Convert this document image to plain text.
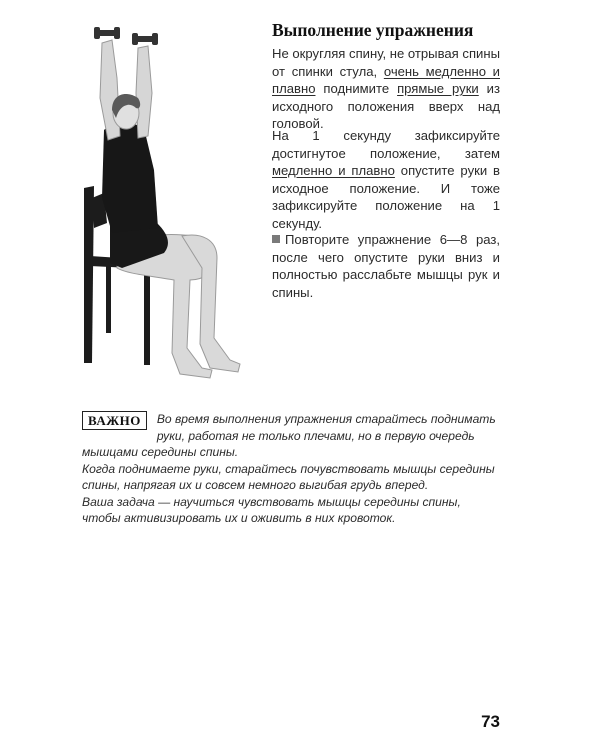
Выполнение упражнения

Не округляя спину, не отрывая спины от спинки стула, очень медленно и плавно поднимите прямые руки из исходного положения вверх над головой.

На 1 секунду зафиксируйте достигнутое положение, затем медленно и плавно опустите руки в исходное положение. И тоже зафиксируйте положение на 1 секунду.

Повторите упражнение 6—8 раз, после чего опустите руки вниз и полностью расслабьте мышцы рук и спины.

ВАЖНО	Во время выполнения упражнения старайтесь поднимать руки, работая не только плечами, но в первую очередь мышцами середины спины.

Когда поднимаете руки, старайтесь почувствовать мышцы середины спины, напрягая их и совсем немного выгибая грудь вперед.

Ваша задача — научиться чувствовать мышцы середины спины, чтобы активизировать их и оживить в них кровоток.

73
